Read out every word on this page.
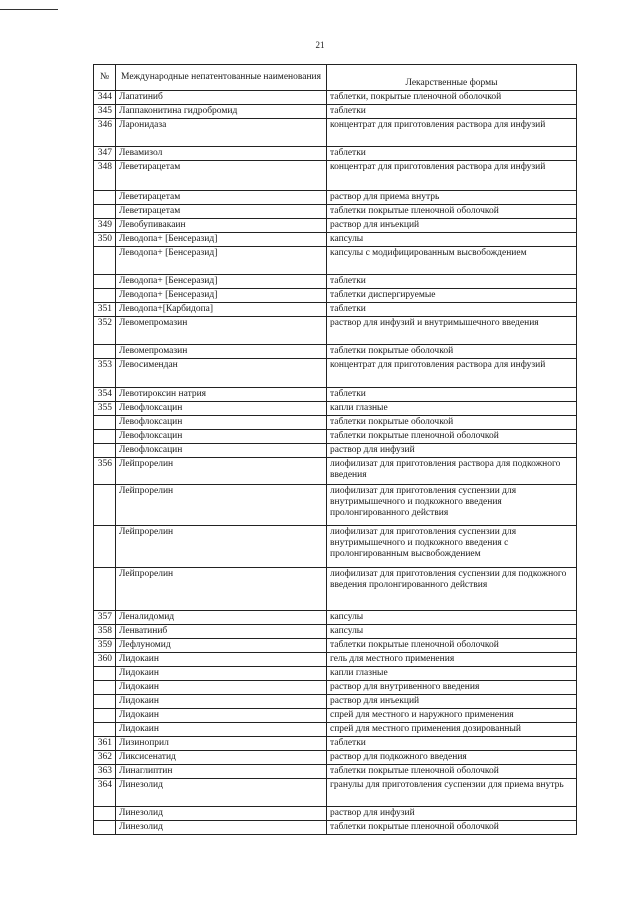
21
№	Международные непатентованные наименования	Лекарственные формы

344	Лапатиниб	таблетки, покрытые пленочной оболочкой
345	Лаппаконитина гидробромид	таблетки
346	Ларонидаза	концентрат для приготовления раствора для инфузий
347	Левамизол	таблетки
348	Леветирацетам	концентрат для приготовления раствора для инфузий
	Леветирацетам	раствор для приема внутрь
	Леветирацетам	таблетки покрытые пленочной оболочкой
349	Левобупивакаин	раствор для инъекций
350	Леводопа+ [Бенсеразид]	капсулы
	Леводопа+ [Бенсеразид]	капсулы с модифицированным высвобождением
	Леводопа+ [Бенсеразид]	таблетки
	Леводопа+ [Бенсеразид]	таблетки диспергируемые
351	Леводопа+[Карбидопа]	таблетки
352	Левомепромазин	раствор для инфузий и внутримышечного введения
	Левомепромазин	таблетки покрытые оболочкой
353	Левосимендан	концентрат для приготовления раствора для инфузий
354	Левотироксин натрия	таблетки
355	Левофлоксацин	капли глазные
	Левофлоксацин	таблетки покрытые оболочкой
	Левофлоксацин	таблетки покрытые пленочной оболочкой
	Левофлоксацин	раствор для инфузий
356	Лейпрорелин	лиофилизат для приготовления раствора для подкожного введения
	Лейпрорелин	лиофилизат для приготовления суспензии для внутримышечного и подкожного введения пролонгированного действия
	Лейпрорелин	лиофилизат для приготовления суспензии для внутримышечного и подкожного введения с пролонгированным высвобождением
	Лейпрорелин	лиофилизат для приготовления суспензии для подкожного введения пролонгированного действия
357	Леналидомид	капсулы
358	Ленватиниб	капсулы
359	Лефлуномид	таблетки покрытые пленочной оболочкой
360	Лидокаин	гель для местного применения
	Лидокаин	капли глазные
	Лидокаин	раствор для внутривенного введения
	Лидокаин	раствор для инъекций
	Лидокаин	спрей для местного и наружного применения
	Лидокаин	спрей для местного применения дозированный
361	Лизиноприл	таблетки
362	Ликсисенатид	раствор для подкожного введения
363	Линаглиптин	таблетки покрытые пленочной оболочкой
364	Линезолид	гранулы для приготовления суспензии для приема внутрь
	Линезолид	раствор для инфузий
	Линезолид	таблетки покрытые пленочной оболочкой
